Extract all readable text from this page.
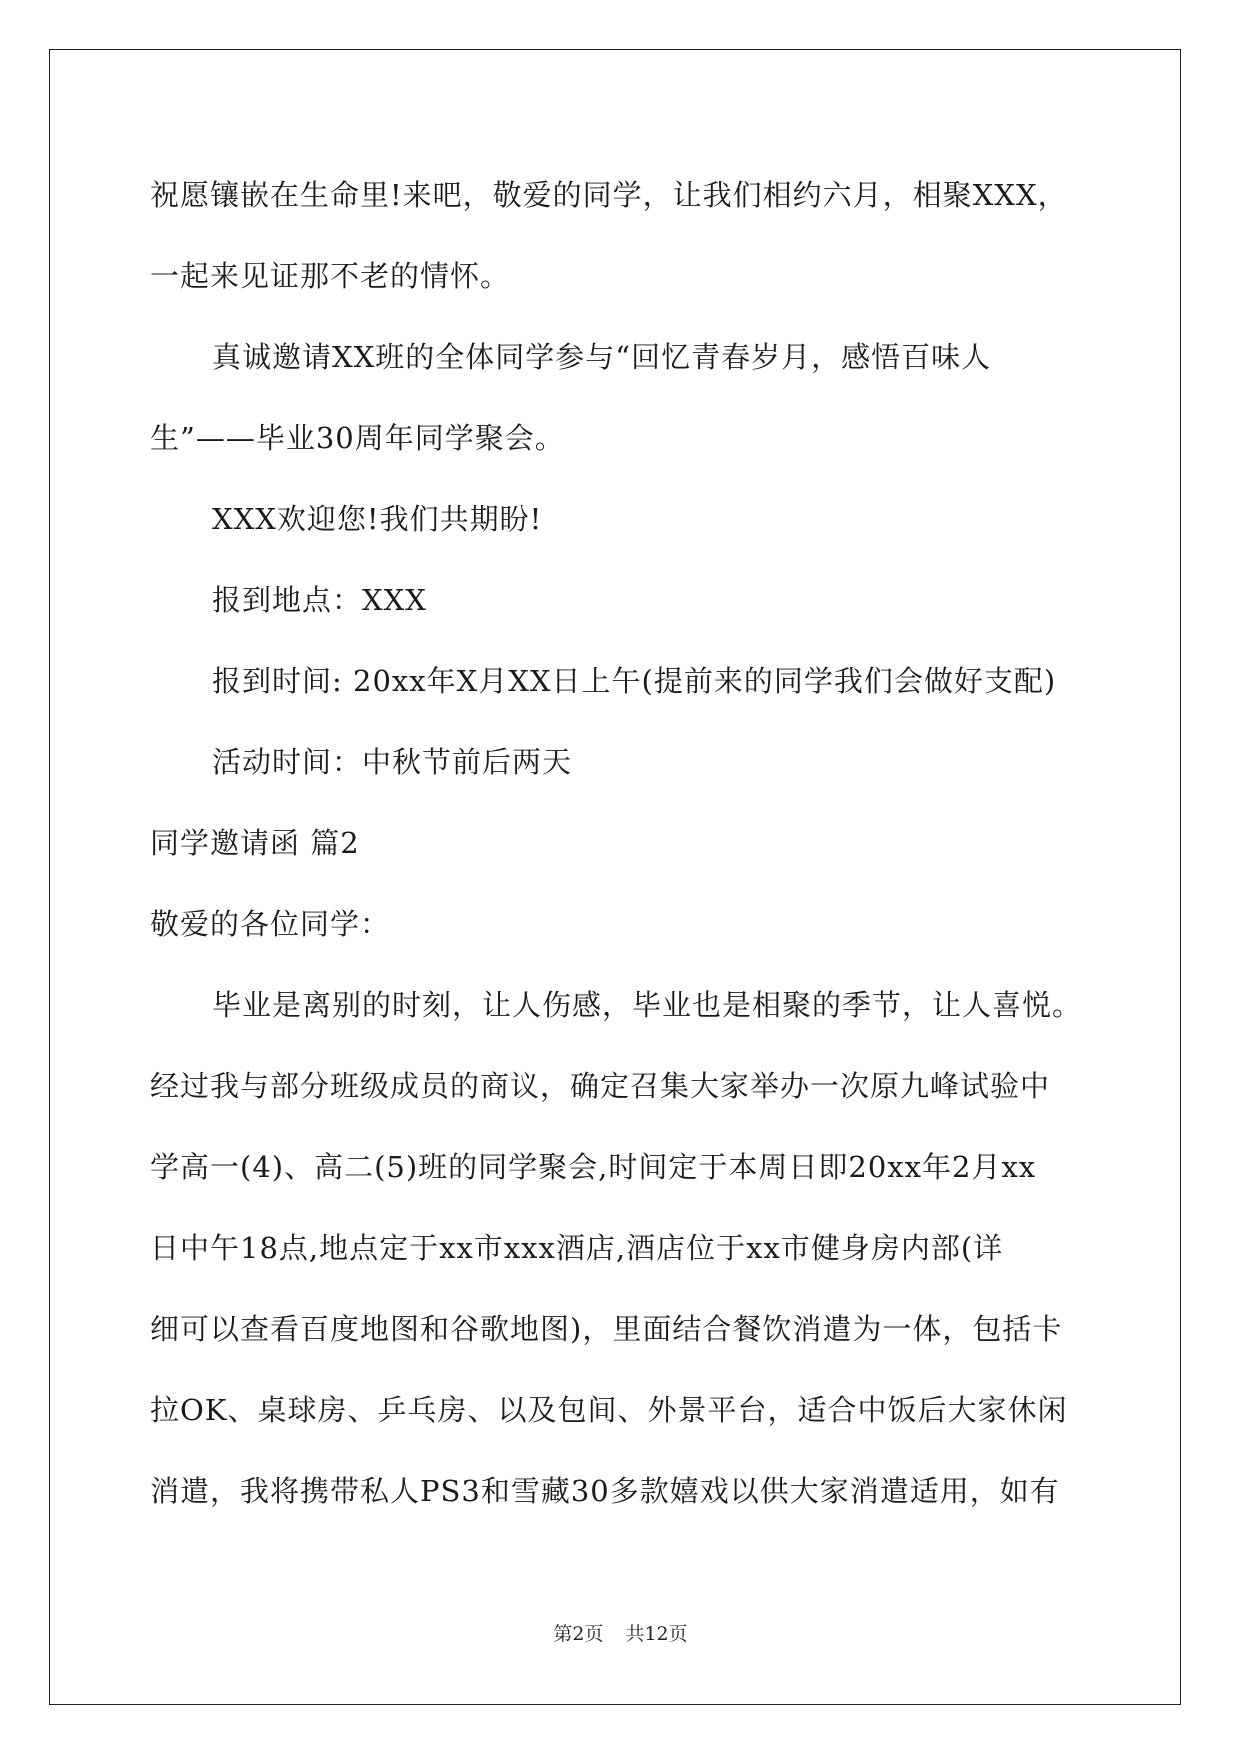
祝愿镶嵌在生命里!来吧，敬爱的同学，让我们相约六月，相聚XXX，
一起来见证那不老的情怀。
真诚邀请XX班的全体同学参与“回忆青春岁月，感悟百味人
生”——毕业30周年同学聚会。
XXX欢迎您!我们共期盼!
报到地点：XXX
报到时间: 20xx年X月XX日上午(提前来的同学我们会做好支配)
活动时间：中秋节前后两天
同学邀请函 篇2
敬爱的各位同学：
毕业是离别的时刻，让人伤感，毕业也是相聚的季节，让人喜悦。
经过我与部分班级成员的商议，确定召集大家举办一次原九峰试验中
学高一(4)、高二(5)班的同学聚会,时间定于本周日即20xx年2月xx
日中午18点,地点定于xx市xxx酒店,酒店位于xx市健身房内部(详
细可以查看百度地图和谷歌地图)，里面结合餐饮消遣为一体，包括卡
拉OK、桌球房、乒乓房、以及包间、外景平台，适合中饭后大家休闲
消遣，我将携带私人PS3和雪藏30多款嬉戏以供大家消遣适用，如有
第2页 共12页
